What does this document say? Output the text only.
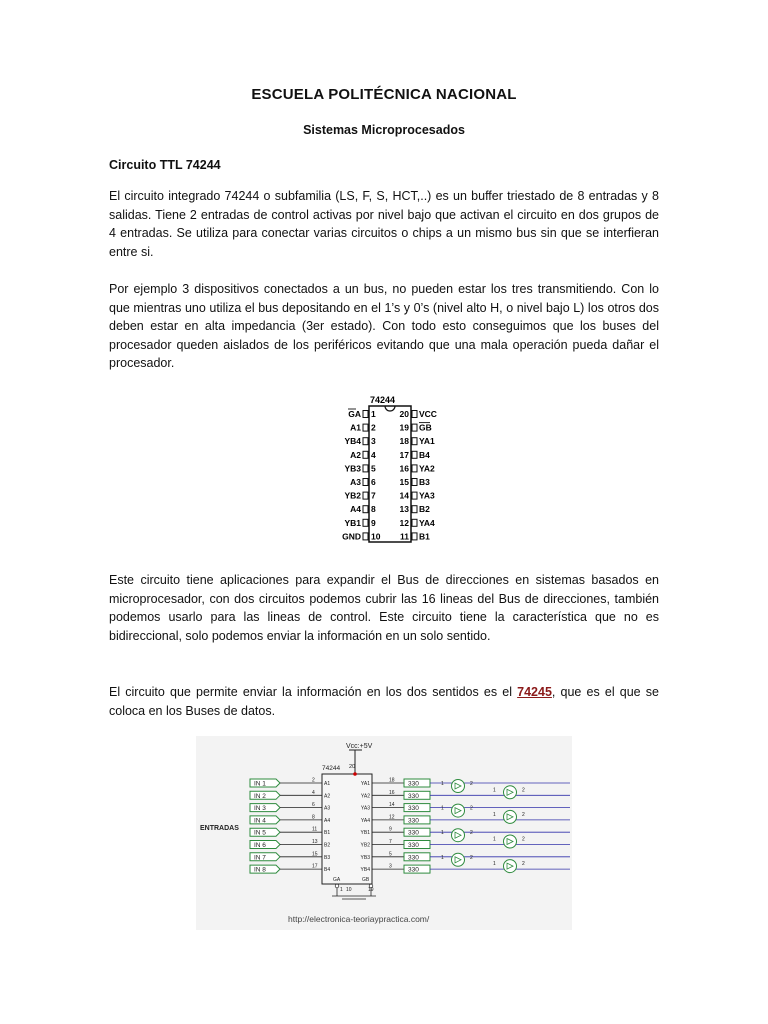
ESCUELA POLITÉCNICA NACIONAL
Sistemas Microprocesados
Circuito TTL 74244
El circuito integrado 74244 o subfamilia (LS, F, S, HCT,..) es un buffer triestado de 8 entradas y 8 salidas. Tiene 2 entradas de control activas por nivel bajo que activan el circuito en dos grupos de 4 entradas. Se utiliza para conectar varias circuitos o chips a un mismo bus sin que se interfieran entre si.
Por ejemplo 3 dispositivos conectados a un bus, no pueden estar los tres transmitiendo. Con lo que mientras uno utiliza el bus depositando en el 1’s y 0’s (nivel alto H, o nivel bajo L) los otros dos deben estar en alta impedancia (3er estado). Con todo esto conseguimos que los buses del procesador queden aislados de los periféricos evitando que una mala operación pueda dañar el procesador.
74244
GA 1
A1 2
YB4 3
A2 4
YB3 5
A3 6
YB2 7
A4 8
YB1 9
GND 10
20 VCC
19 GB
18 YA1
17 B4
16 YA2
15 B3
14 YA3
13 B2
12 YA4
11 B1
Este circuito tiene aplicaciones para expandir el Bus de direcciones en sistemas basados en microprocesador, con dos circuitos podemos cubrir las 16 lineas del Bus de direcciones, también podemos usarlo para las lineas de control. Este circuito tiene la característica que no es bidireccional, solo podemos enviar la información en un solo sentido.
El circuito que permite enviar la información en los dos sentidos es el 74245, que es el que se coloca en los Buses de datos.
74244
Vcc:+5V
20
ENTRADAS
IN 1	2
A1	YA1
18 330
IN 2	4
A2	YA2
16 330
IN 3	6
A3	YA3
14 330
IN 4	8
A4	YA4
12 330
IN 5	11
B1	YB1
9 330
IN 6	13
B2	YB2
7 330
IN 7	15
B3	YB3
5 330
IN 8	17
B4	YB4
3 330
1	2
1	2
1	2
1	2
1	2
1	2
1	2
1	2
GA	GB
1 10	19
http://electronica-teoriaypractica.com/
